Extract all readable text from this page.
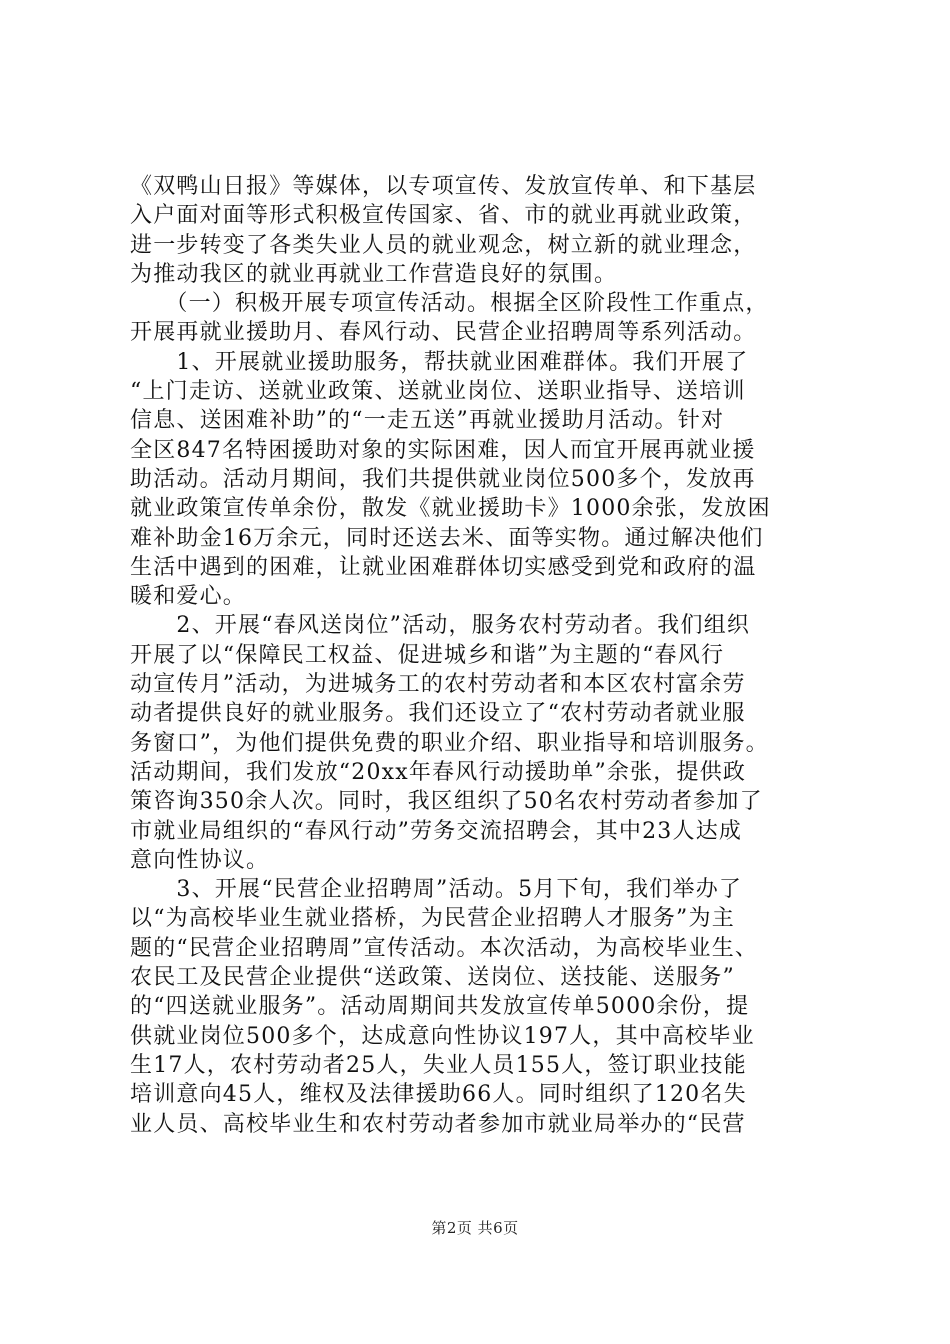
《双鸭山日报》等媒体，以专项宣传、发放宣传单、和下基层
入户面对面等形式积极宣传国家、省、市的就业再就业政策，
进一步转变了各类失业人员的就业观念，树立新的就业理念，
为推动我区的就业再就业工作营造良好的氛围。
　　（一）积极开展专项宣传活动。根据全区阶段性工作重点，
开展再就业援助月、春风行动、民营企业招聘周等系列活动。
　　1、开展就业援助服务，帮扶就业困难群体。我们开展了
“上门走访、送就业政策、送就业岗位、送职业指导、送培训
信息、送困难补助”的“一走五送”再就业援助月活动。针对
全区847名特困援助对象的实际困难，因人而宜开展再就业援
助活动。活动月期间，我们共提供就业岗位500多个，发放再
就业政策宣传单余份，散发《就业援助卡》1000余张，发放困
难补助金16万余元，同时还送去米、面等实物。通过解决他们
生活中遇到的困难，让就业困难群体切实感受到党和政府的温
暖和爱心。
　　2、开展“春风送岗位”活动，服务农村劳动者。我们组织
开展了以“保障民工权益、促进城乡和谐”为主题的“春风行
动宣传月”活动，为进城务工的农村劳动者和本区农村富余劳
动者提供良好的就业服务。我们还设立了“农村劳动者就业服
务窗口”，为他们提供免费的职业介绍、职业指导和培训服务。
活动期间，我们发放“20xx年春风行动援助单”余张，提供政
策咨询350余人次。同时，我区组织了50名农村劳动者参加了
市就业局组织的“春风行动”劳务交流招聘会，其中23人达成
意向性协议。
　　3、开展“民营企业招聘周”活动。5月下旬，我们举办了
以“为高校毕业生就业搭桥，为民营企业招聘人才服务”为主
题的“民营企业招聘周”宣传活动。本次活动，为高校毕业生、
农民工及民营企业提供“送政策、送岗位、送技能、送服务”
的“四送就业服务”。活动周期间共发放宣传单5000余份，提
供就业岗位500多个，达成意向性协议197人，其中高校毕业
生17人，农村劳动者25人，失业人员155人，签订职业技能
培训意向45人，维权及法律援助66人。同时组织了120名失
业人员、高校毕业生和农村劳动者参加市就业局举办的“民营
第2页 共6页
